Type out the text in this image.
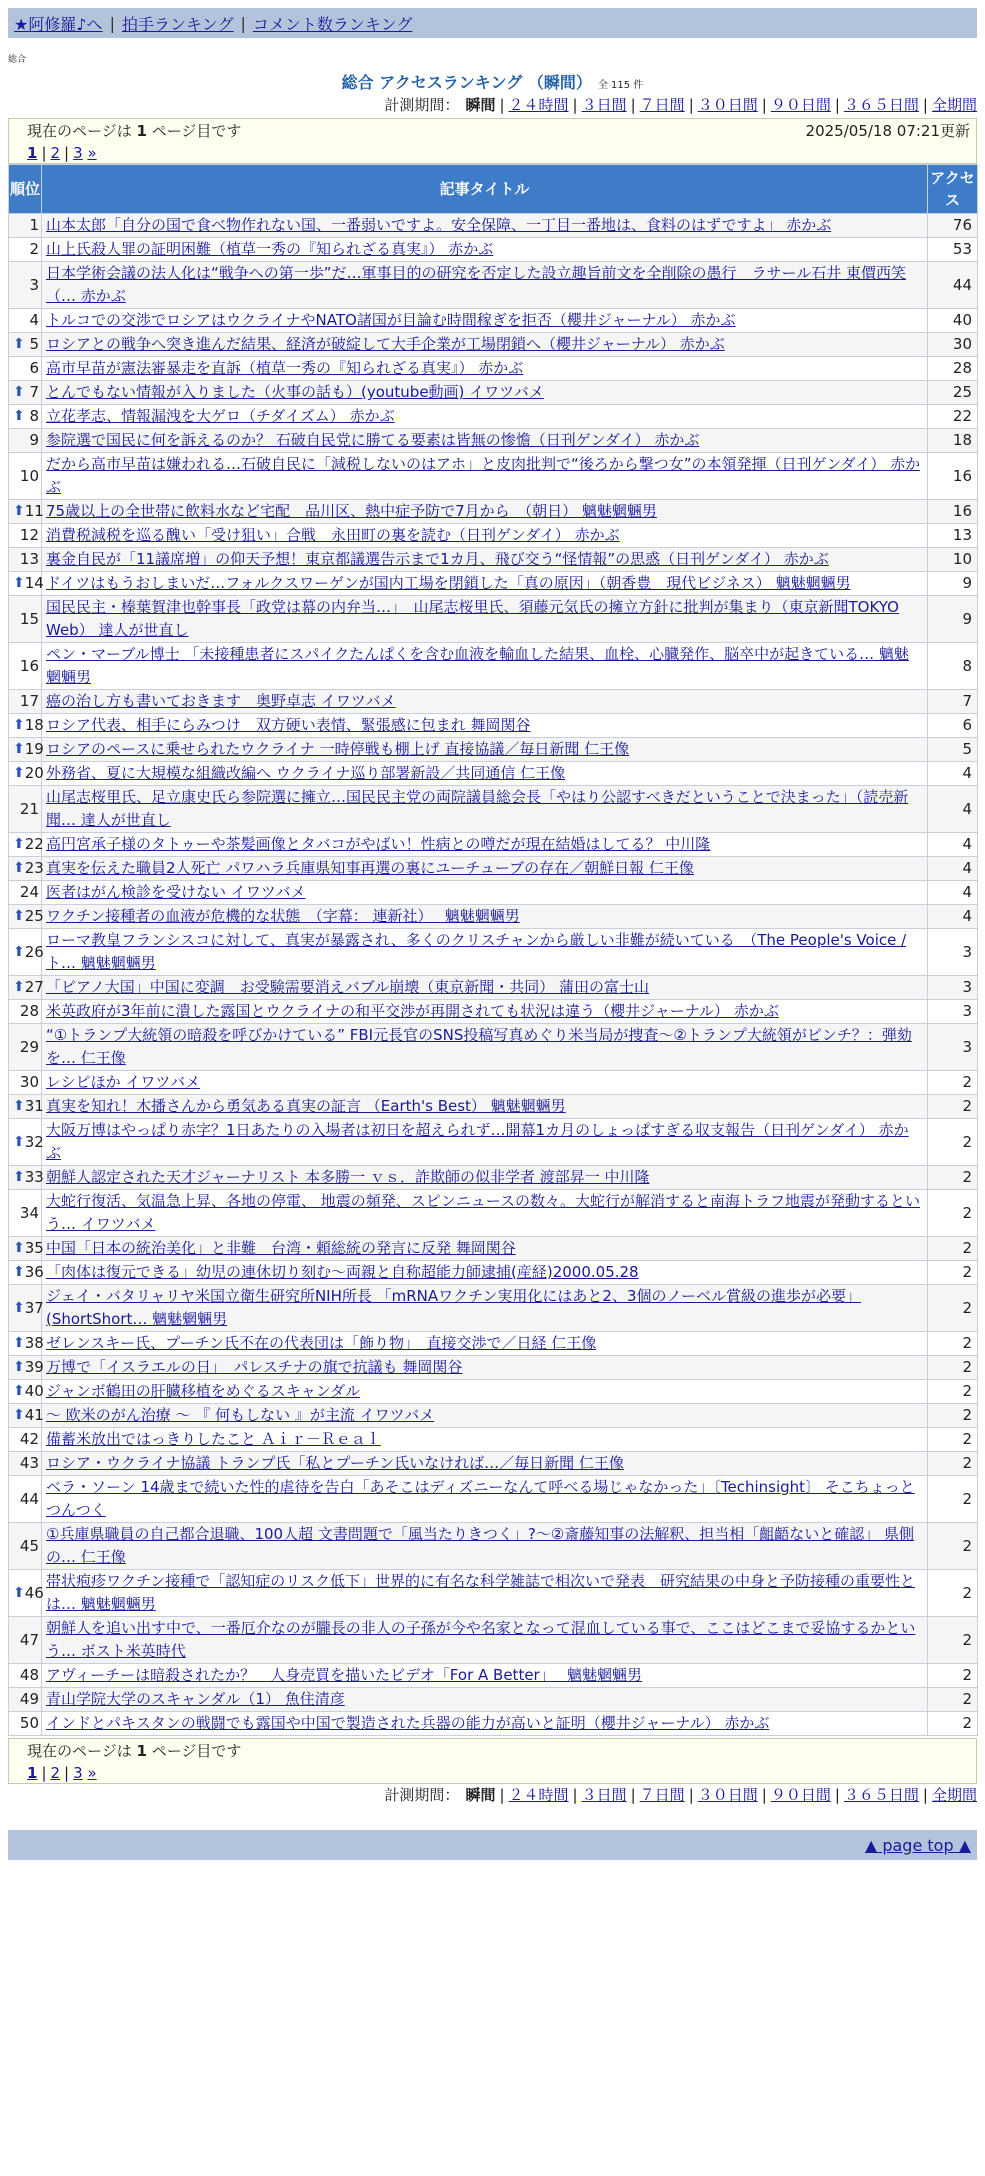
★阿修羅♪へ | 拍手ランキング | コメント数ランキング
総合
総合 アクセスランキング （瞬間） 全 115 件
計測期間： 瞬間 | ２４時間 | ３日間 | ７日間 | ３０日間 | ９０日間 | ３６５日間 | 全期間
現在のページは 1 ページ目です	2025/05/18 07:21更新
1 | 2 | 3 »
順位	記事タイトル	アクセス
1	山本太郎「自分の国で食べ物作れない国、一番弱いですよ。安全保障、一丁目一番地は、食料のはずですよ」 赤かぶ	76
2	山上氏殺人罪の証明困難（植草一秀の『知られざる真実』） 赤かぶ	53
3	日本学術会議の法人化は“戦争への第一歩”だ…軍事目的の研究を否定した設立趣旨前文を全削除の愚行　ラサール石井 東價西笑（… 赤かぶ	44
4	トルコでの交渉でロシアはウクライナやNATO諸国が目論む時間稼ぎを拒否（櫻井ジャーナル） 赤かぶ	40

⬆ 5	ロシアとの戦争へ突き進んだ結果、経済が破綻して大手企業が工場閉鎖へ（櫻井ジャーナル） 赤かぶ	30
6	高市早苗が憲法審暴走を直訴（植草一秀の『知られざる真実』） 赤かぶ	28

⬆ 7	とんでもない情報が入りました（火事の話も）(youtube動画) イワツバメ	25

⬆ 8	立花孝志、情報漏洩を大ゲロ（チダイズム） 赤かぶ	22
9	参院選で国民に何を訴えるのか？ 石破自民党に勝てる要素は皆無の惨憺（日刊ゲンダイ） 赤かぶ	18
10	だから高市早苗は嫌われる…石破自民に「減税しないのはアホ」と皮肉批判で“後ろから撃つ女”の本領発揮（日刊ゲンダイ） 赤かぶ	16

⬆ 11	75歳以上の全世帯に飲料水など宅配　品川区、熱中症予防で7月から　（朝日） 魑魅魍魎男	16
12	消費税減税を巡る醜い「受け狙い」合戦　永田町の裏を読む（日刊ゲンダイ） 赤かぶ	13
13	裏金自民が「11議席増」の仰天予想！東京都議選告示まで1カ月、飛び交う“怪情報”の思惑（日刊ゲンダイ） 赤かぶ	10

⬆ 14	ドイツはもうおしまいだ…フォルクスワーゲンが国内工場を閉鎖した「真の原因」（朝香豊　現代ビジネス） 魑魅魍魎男	9
15	国民民主・榛葉賀津也幹事長「政党は幕の内弁当…」　山尾志桜里氏、須藤元気氏の擁立方針に批判が集まり（東京新聞TOKYO Web） 達人が世直し	9
16	ペン・マーブル博士 「未接種患者にスパイクたんぱくを含む血液を輸血した結果、血栓、心臓発作、脳卒中が起きている… 魑魅魍魎男	8
17	癌の治し方も書いておきます　奥野卓志 イワツバメ	7

⬆ 18	ロシア代表、相手にらみつけ　双方硬い表情、緊張感に包まれ 舞岡関谷	6

⬆ 19	ロシアのペースに乗せられたウクライナ 一時停戦も棚上げ 直接協議／毎日新聞 仁王像	5

⬆ 20	外務省、夏に大規模な組織改編へ ウクライナ巡り部署新設／共同通信 仁王像	4
21	山尾志桜里氏、足立康史氏ら参院選に擁立…国民民主党の両院議員総会長「やはり公認すべきだということで決まった」（読売新聞… 達人が世直し	4

⬆ 22	高円宮承子様のタトゥーや茶髪画像とタバコがやばい！性病との噂だが現在結婚はしてる？ 中川隆	4

⬆ 23	真実を伝えた職員2人死亡 パワハラ兵庫県知事再選の裏にユーチューブの存在／朝鮮日報 仁王像	4
24	医者はがん検診を受けない イワツバメ	4

⬆ 25	ワクチン接種者の血液が危機的な状態　（字幕： 連新社）　 魑魅魍魎男	4

⬆ 26	ローマ教皇フランシスコに対して、真実が暴露され、多くのクリスチャンから厳しい非難が続いている　（The People's Voice / ト… 魑魅魍魎男	3

⬆ 27	「ピアノ大国」中国に変調　お受験需要消えバブル崩壊（東京新聞・共同） 蒲田の富士山	3
28	米英政府が3年前に潰した露国とウクライナの和平交渉が再開されても状況は違う（櫻井ジャーナル） 赤かぶ	3
29	“①トランプ大統領の暗殺を呼びかけている” FBI元長官のSNS投稿写真めぐり米当局が捜査～②トランプ大統領がピンチ？：弾劾を… 仁王像	3
30	レシピほか イワツバメ	2

⬆ 31	真実を知れ！木播さんから勇気ある真実の証言 （Earth's Best） 魑魅魍魎男	2

⬆ 32	大阪万博はやっぱり赤字？1日あたりの入場者は初日を超えられず…開幕1カ月のしょっぱすぎる収支報告（日刊ゲンダイ） 赤かぶ	2

⬆ 33	朝鮮人認定された天才ジャーナリスト 本多勝一 ｖｓ．詐欺師の似非学者 渡部昇一 中川隆	2
34	大蛇行復活、気温急上昇、各地の停電、 地震の頻発、スピンニュースの数々。大蛇行が解消すると南海トラフ地震が発動するという… イワツバメ	2

⬆ 35	中国「日本の統治美化」と非難　台湾・頼総統の発言に反発 舞岡関谷	2

⬆ 36	「肉体は復元できる」幼児の連休切り刻む～両親と自称超能力師逮捕(産経)2000.05.28	2

⬆ 37	ジェイ・バタリャリヤ米国立衛生研究所NIH所長 「mRNAワクチン実用化にはあと2、3個のノーベル賞級の進歩が必要」(ShortShort… 魑魅魍魎男	2

⬆ 38	ゼレンスキー氏、プーチン氏不在の代表団は「飾り物」　直接交渉で／日経 仁王像	2

⬆ 39	万博で「イスラエルの日」　パレスチナの旗で抗議も 舞岡関谷	2

⬆ 40	ジャンボ鶴田の肝臓移植をめぐるスキャンダル	2

⬆ 41	～ 欧米のがん治療 ～ 『 何もしない 』が主流 イワツバメ	2
42	備蓄米放出ではっきりしたこと Ａｉｒ－Ｒｅａｌ	2
43	ロシア・ウクライナ協議 トランプ氏「私とプーチン氏いなければ…／毎日新聞 仁王像	2
44	ベラ・ソーン 14歳まで続いた性的虐待を告白「あそこはディズニーなんて呼べる場じゃなかった」〔Techinsight〕 そこちょっとつんつく	2
45	①兵庫県職員の自己都合退職、100人超 文書問題で「風当たりきつく」?～②斎藤知事の法解釈、担当相「齟齬ないと確認」 県側の… 仁王像	2

⬆ 46	帯状疱疹ワクチン接種で「認知症のリスク低下」世界的に有名な科学雑誌で相次いで発表　研究結果の中身と予防接種の重要性とは… 魑魅魍魎男	2
47	朝鮮人を追い出す中で、一番厄介なのが朧長の非人の子孫が今や名家となって混血している事で、ここはどこまで妥協するかという… ボスト米英時代	2
48	アヴィーチーは暗殺されたか？　人身売買を描いたビデオ「For A Better」　 魑魅魍魎男	2
49	青山学院大学のスキャンダル（1） 魚住清彦	2
50	インドとパキスタンの戦闘でも露国や中国で製造された兵器の能力が高いと証明（櫻井ジャーナル） 赤かぶ	2
現在のページは 1 ページ目です
1 | 2 | 3 »
計測期間： 瞬間 | ２４時間 | ３日間 | ７日間 | ３０日間 | ９０日間 | ３６５日間 | 全期間
▲ page top ▲
